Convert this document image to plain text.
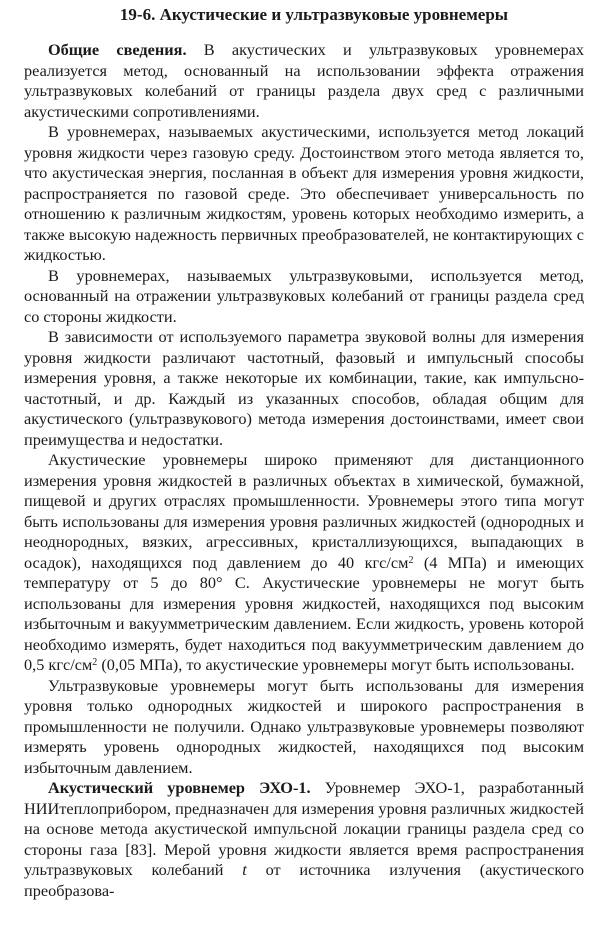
19-6. Акустические и ультразвуковые уровнемеры

Общие сведения. В акустических и ультразвуковых уровнемерах реализуется метод, основанный на использовании эффекта отражения ультразвуковых колебаний от границы раздела двух сред с различными акустическими сопротивлениями.

В уровнемерах, называемых акустическими, используется метод локаций уровня жидкости через газовую среду. Достоинством этого метода является то, что акустическая энергия, посланная в объект для измерения уровня жидкости, распространяется по газовой среде. Это обеспечивает универсальность по отношению к различным жидкостям, уровень которых необходимо измерить, а также высокую надежность первичных преобразователей, не контактирующих с жидкостью.

В уровнемерах, называемых ультразвуковыми, используется метод, основанный на отражении ультразвуковых колебаний от границы раздела сред со стороны жидкости.

В зависимости от используемого параметра звуковой волны для измерения уровня жидкости различают частотный, фазовый и импульсный способы измерения уровня, а также некоторые их комбинации, такие, как импульсно-частотный, и др. Каждый из указанных способов, обладая общим для акустического (ультразвукового) метода измерения достоинствами, имеет свои преимущества и недостатки.

Акустические уровнемеры широко применяют для дистанционного измерения уровня жидкостей в различных объектах в химической, бумажной, пищевой и других отраслях промышленности. Уровнемеры этого типа могут быть использованы для измерения уровня различных жидкостей (однородных и неоднородных, вязких, агрессивных, кристаллизующихся, выпадающих в осадок), находящихся под давлением до 40 кгс/$см^2$ (4 МПа) и имеющих температуру от 5 до 80° С. Акустические уровнемеры не могут быть использованы для измерения уровня жидкостей, находящихся под высоким избыточным и вакуумметрическим давлением. Если жидкость, уровень которой необходимо измерять, будет находиться под вакуумметрическим давлением до 0,5 кгс/$см^2$ (0,05 МПа), то акустические уровнемеры могут быть использованы.

Ультразвуковые уровнемеры могут быть использованы для измерения уровня только однородных жидкостей и широкого распространения в промышленности не получили. Однако ультразвуковые уровнемеры позволяют измерять уровень однородных жидкостей, находящихся под высоким избыточным давлением.

Акустический уровнемер ЭХО-1. Уровнемер ЭХО-1, разработанный НИИтеплоприбором, предназначен для измерения уровня различных жидкостей на основе метода акустической импульсной локации границы раздела сред со стороны газа [83]. Мерой уровня жидкости является время распространения ультразвуковых колебаний t от источника излучения (акустического преобразова-
